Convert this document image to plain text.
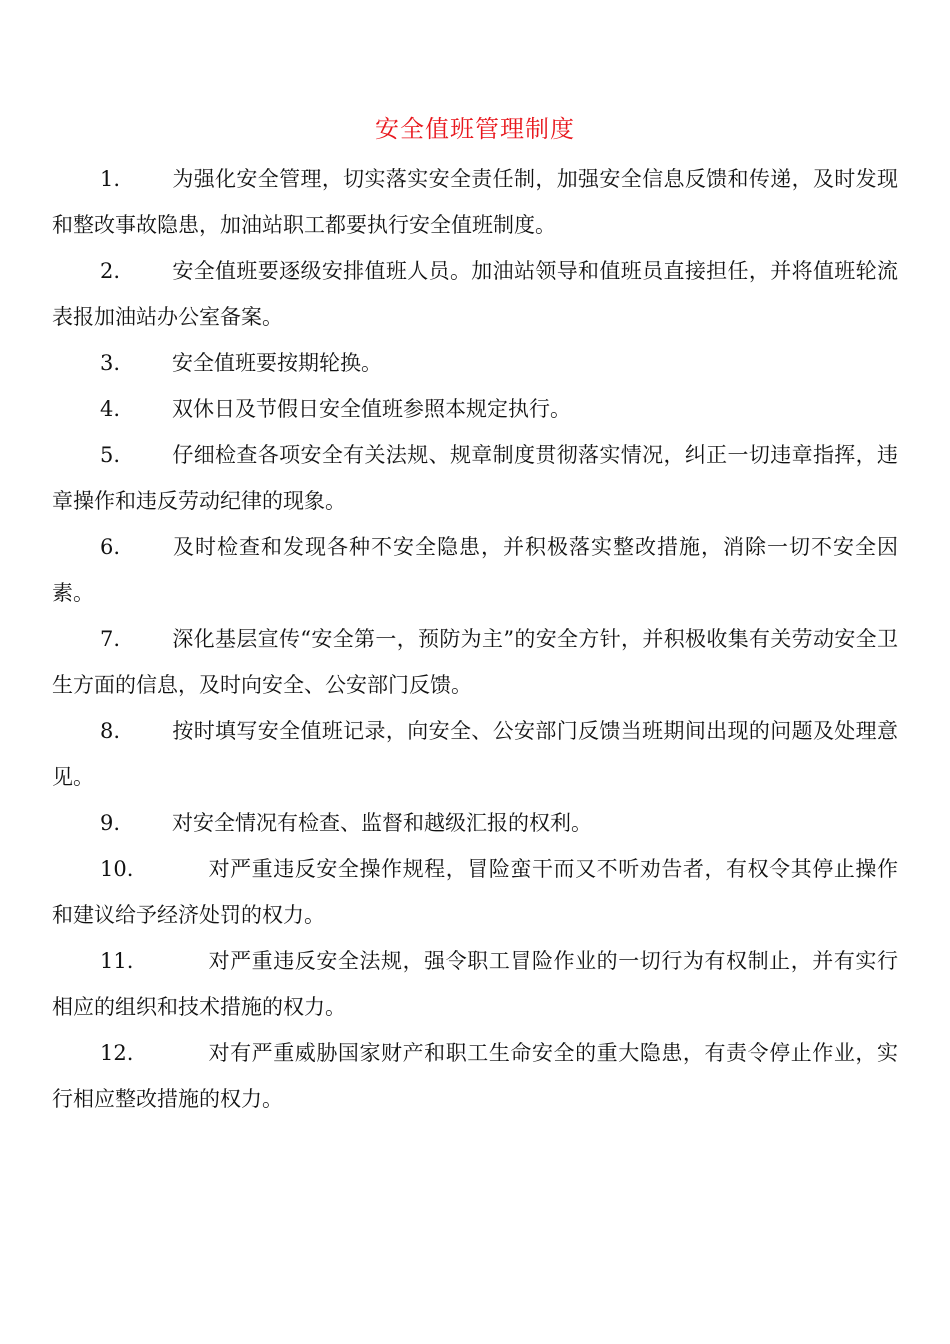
安全值班管理制度

1. 为强化安全管理，切实落实安全责任制，加强安全信息反馈和传递，及时发现和整改事故隐患，加油站职工都要执行安全值班制度。

2. 安全值班要逐级安排值班人员。加油站领导和值班员直接担任，并将值班轮流表报加油站办公室备案。

3. 安全值班要按期轮换。

4. 双休日及节假日安全值班参照本规定执行。

5. 仔细检查各项安全有关法规、规章制度贯彻落实情况，纠正一切违章指挥，违章操作和违反劳动纪律的现象。

6. 及时检查和发现各种不安全隐患，并积极落实整改措施，消除一切不安全因素。

7. 深化基层宣传“安全第一，预防为主”的安全方针，并积极收集有关劳动安全卫生方面的信息，及时向安全、公安部门反馈。

8. 按时填写安全值班记录，向安全、公安部门反馈当班期间出现的问题及处理意见。

9. 对安全情况有检查、监督和越级汇报的权利。

10.	对严重违反安全操作规程，冒险蛮干而又不听劝告者，有权令其停止操作和建议给予经济处罚的权力。

11.	对严重违反安全法规，强令职工冒险作业的一切行为有权制止，并有实行相应的组织和技术措施的权力。

12.	对有严重威胁国家财产和职工生命安全的重大隐患，有责令停止作业，实行相应整改措施的权力。
